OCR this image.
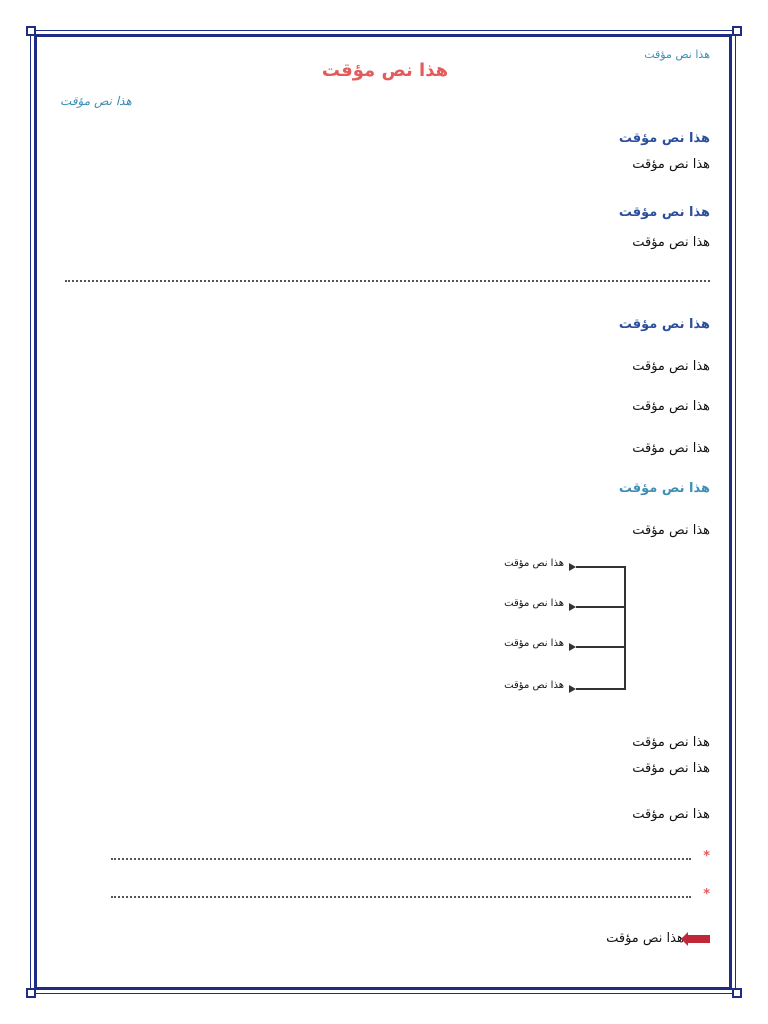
هذا نص مؤقت
هذا نص مؤقت
هذا نص مؤقت
هذا نص مؤقت
هذا نص مؤقت
هذا نص مؤقت
هذا نص مؤقت
هذا نص مؤقت
هذا نص مؤقت
هذا نص مؤقت
هذا نص مؤقت
هذا نص مؤقت
هذا نص مؤقت
هذا نص مؤقت
هذا نص مؤقت
هذا نص مؤقت
هذا نص مؤقت
هذا نص مؤقت
هذا نص مؤقت
هذا نص مؤقت
*
*
هذا نص مؤقت
